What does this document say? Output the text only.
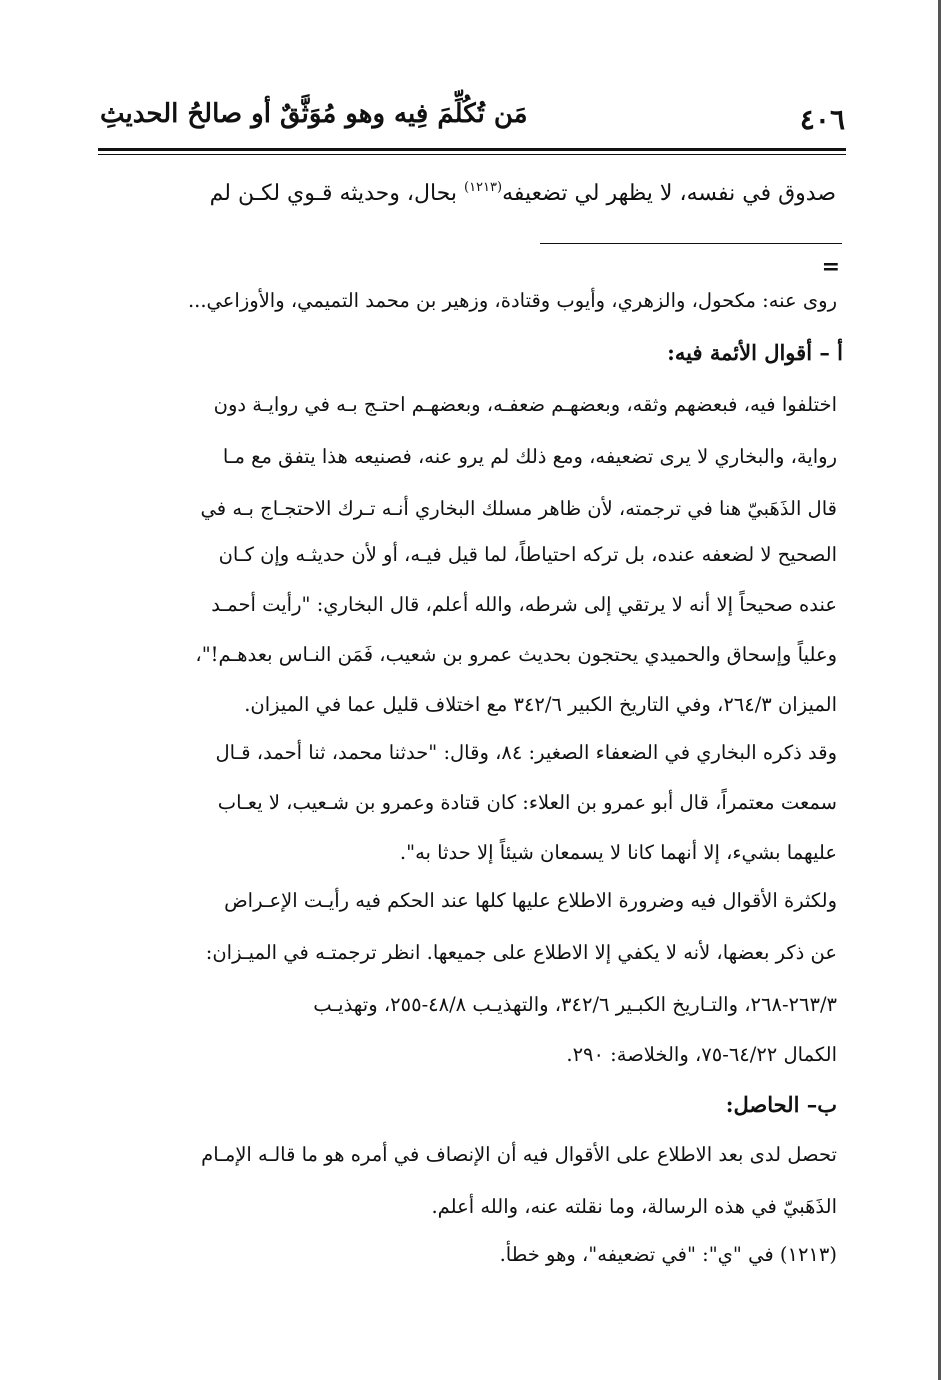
٤٠٦
مَن تُكُلِّمَ فِيه وهو مُوَثَّقٌ أو صالحُ الحديثِ
صدوق في نفسه، لا يظهر لي تضعيفه$^{(١٢١٣)}$ بحال، وحديثه قـوي لكـن لم
=
روى عنه: مكحول، والزهري، وأيوب وقتادة، وزهير بن محمد التميمي، والأوزاعي...
أ – أقوال الأئمة فيه:
اختلفوا فيه، فبعضهم وثقه، وبعضهـم ضعفـه، وبعضهـم احتـج بـه في روايـة دون
رواية، والبخاري لا يرى تضعيفه، ومع ذلك لم يرو عنه، فصنيعه هذا يتفق مع مـا
قال الذَهَبيّ هنا في ترجمته، لأن ظاهر مسلك البخاري أنـه تـرك الاحتجـاج بـه في
الصحيح لا لضعفه عنده، بل تركه احتياطاً، لما قيل فيـه، أو لأن حديثـه وإن كـان
عنده صحيحاً إلا أنه لا يرتقي إلى شرطه، والله أعلم، قال البخاري: "رأيت أحمـد
وعلياً وإسحاق والحميدي يحتجون بحديث عمرو بن شعيب، فَمَن النـاس بعدهـم!"،
الميزان ٢٦٤/٣، وفي التاريخ الكبير ٣٤٢/٦ مع اختلاف قليل عما في الميزان.
وقد ذكره البخاري في الضعفاء الصغير: ٨٤، وقال: "حدثنا محمد، ثنا أحمد، قـال
سمعت معتمراً، قال أبو عمرو بن العلاء: كان قتادة وعمرو بن شـعيب، لا يعـاب
عليهما بشيء، إلا أنهما كانا لا يسمعان شيئاً إلا حدثا به".
ولكثرة الأقوال فيه وضرورة الاطلاع عليها كلها عند الحكم فيه رأيـت الإعـراض
عن ذكر بعضها، لأنه لا يكفي إلا الاطلاع على جميعها. انظر ترجمتـه في الميـزان:
٢٦٣/٣-٢٦٨، والتـاريخ الكبـير ٣٤٢/٦، والتهذيـب ٤٨/٨-٢٥٥، وتهذيـب
الكمال ٦٤/٢٢-٧٥، والخلاصة: ٢٩٠.
ب– الحاصل:
تحصل لدى بعد الاطلاع على الأقوال فيه أن الإنصاف في أمره هو ما قالـه الإمـام
الذَهَبيّ في هذه الرسالة، وما نقلته عنه، والله أعلم.
(١٢١٣) في "ي": "في تضعيفه"، وهو خطأ.
